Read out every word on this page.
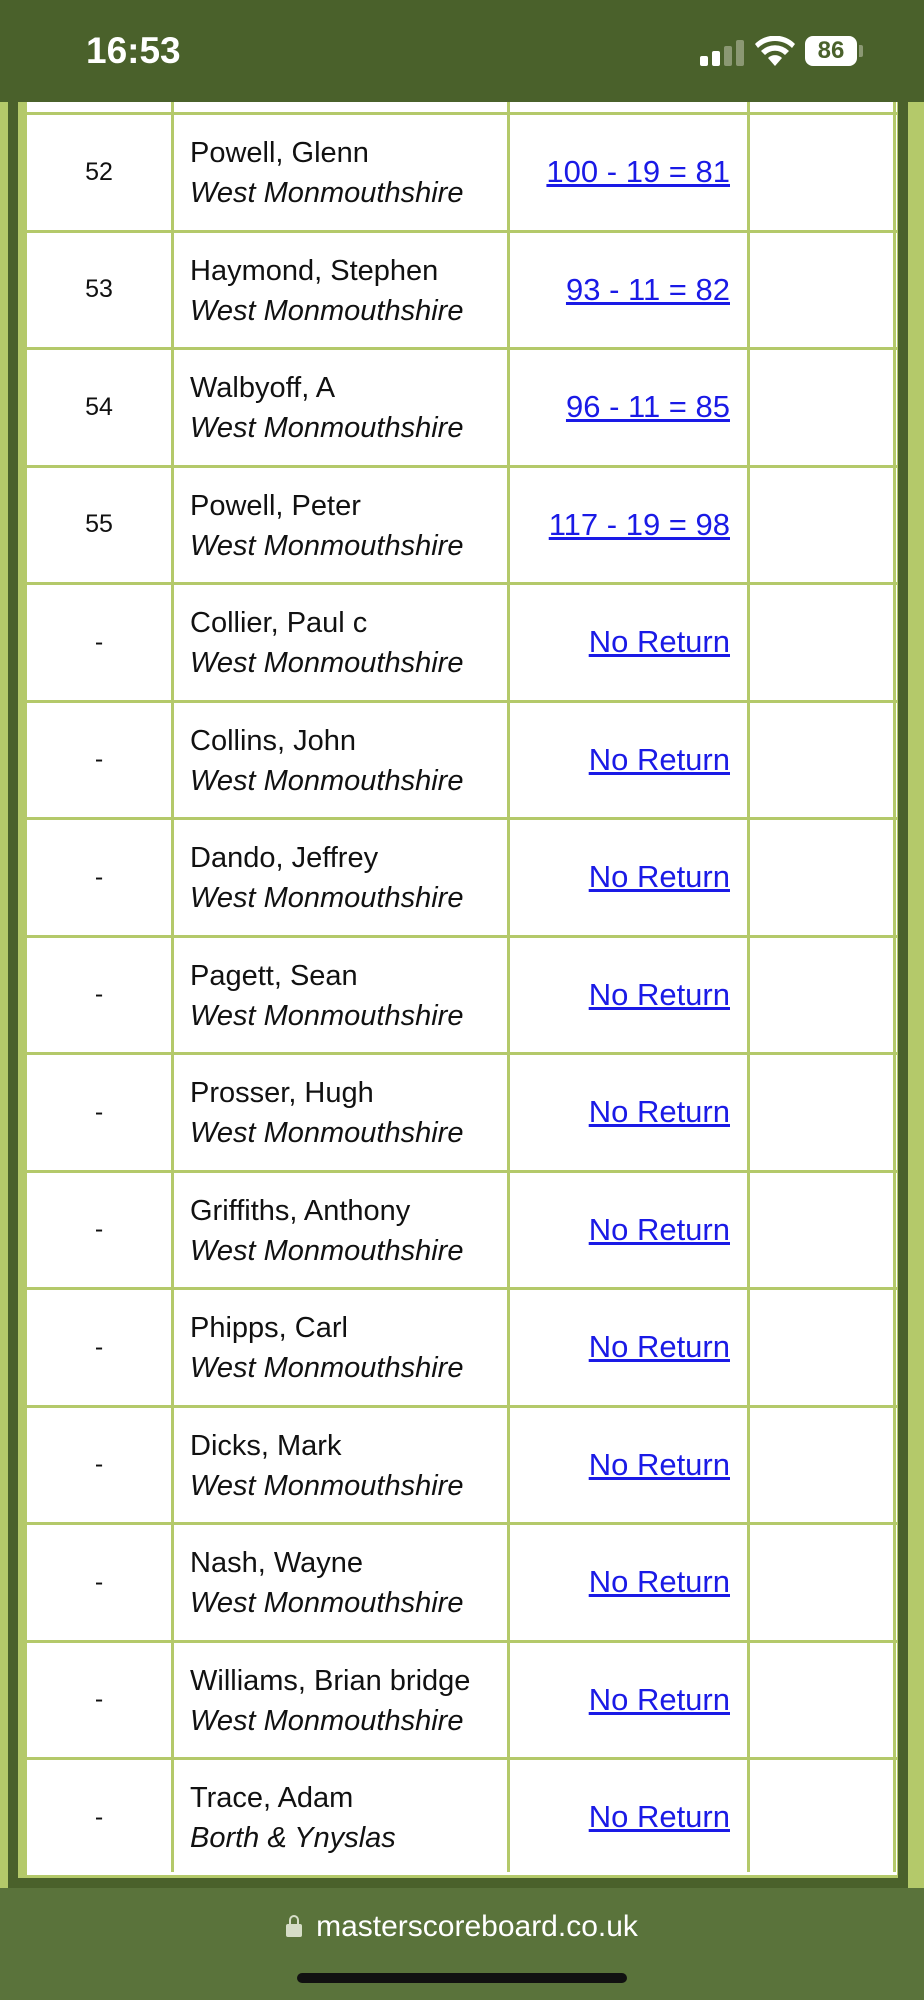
16:53	86
52
Powell, Glenn
West Monmouthshire
100 - 19 = 81
53
Haymond, Stephen
West Monmouthshire
93 - 11 = 82
54
Walbyoff, A
West Monmouthshire
96 - 11 = 85
55
Powell, Peter
West Monmouthshire
117 - 19 = 98
-
Collier, Paul c
West Monmouthshire
No Return
-
Collins, John
West Monmouthshire
No Return
-
Dando, Jeffrey
West Monmouthshire
No Return
-
Pagett, Sean
West Monmouthshire
No Return
-
Prosser, Hugh
West Monmouthshire
No Return
-
Griffiths, Anthony
West Monmouthshire
No Return
-
Phipps, Carl
West Monmouthshire
No Return
-
Dicks, Mark
West Monmouthshire
No Return
-
Nash, Wayne
West Monmouthshire
No Return
-
Williams, Brian bridge
West Monmouthshire
No Return
-
Trace, Adam
Borth & Ynyslas
No Return
masterscoreboard.co.uk
